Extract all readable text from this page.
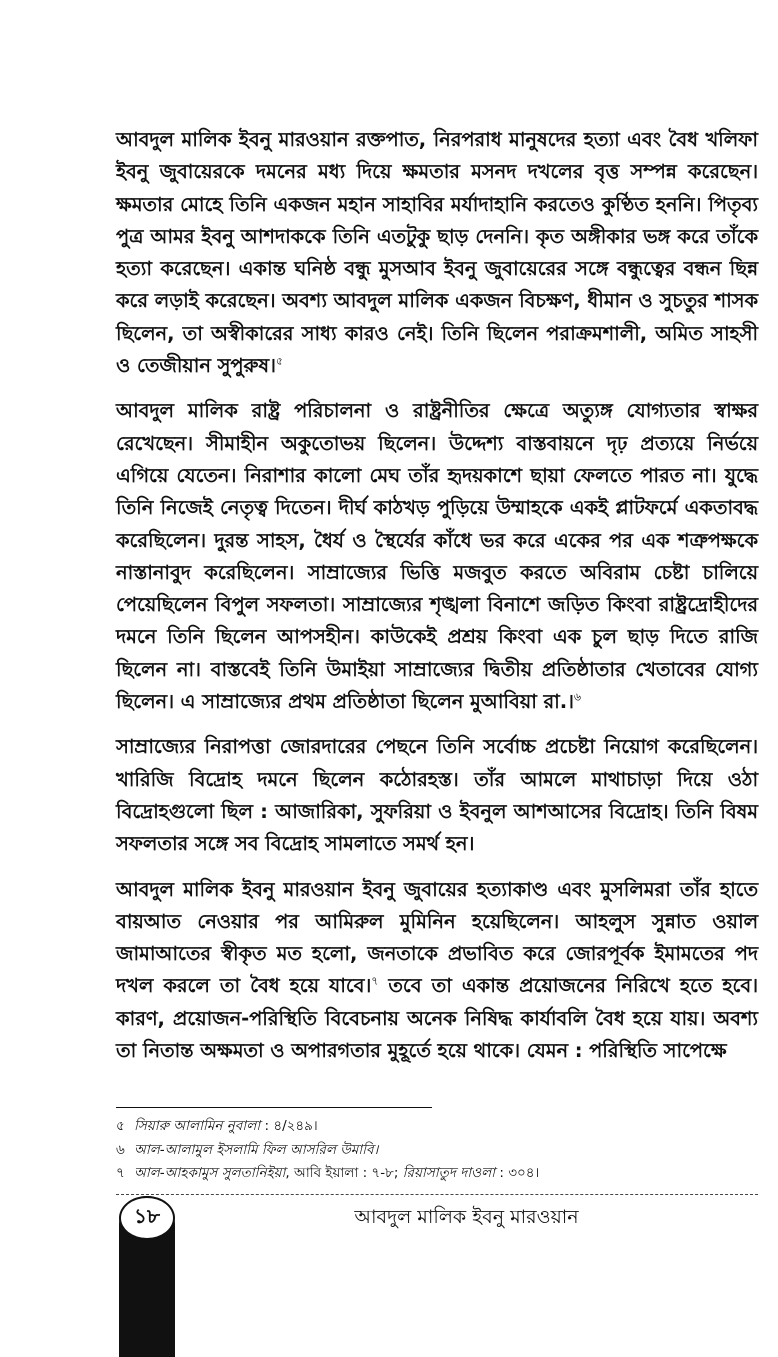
আবদুল মালিক ইবনু মারওয়ান রক্তপাত, নিরপরাধ মানুষদের হত্যা এবং বৈধ খলিফা ইবনু জুবায়েরকে দমনের মধ্য দিয়ে ক্ষমতার মসনদ দখলের বৃত্ত সম্পন্ন করেছেন। ক্ষমতার মোহে তিনি একজন মহান সাহাবির মর্যাদাহানি করতেও কুণ্ঠিত হননি। পিতৃব্য পুত্র আমর ইবনু আশদাককে তিনি এতটুকু ছাড় দেননি। কৃত অঙ্গীকার ভঙ্গ করে তাঁকে হত্যা করেছেন। একান্ত ঘনিষ্ঠ বন্ধু মুসআব ইবনু জুবায়েরের সঙ্গে বন্ধুত্বের বন্ধন ছিন্ন করে লড়াই করেছেন। অবশ্য আবদুল মালিক একজন বিচক্ষণ, ধীমান ও সুচতুর শাসক ছিলেন, তা অস্বীকারের সাধ্য কারও নেই। তিনি ছিলেন পরাক্রমশালী, অমিত সাহসী ও তেজীয়ান সুপুরুষ।$^৫$

আবদুল মালিক রাষ্ট্র পরিচালনা ও রাষ্ট্রনীতির ক্ষেত্রে অত্যুঙ্গ যোগ্যতার স্বাক্ষর রেখেছেন। সীমাহীন অকুতোভয় ছিলেন। উদ্দেশ্য বাস্তবায়নে দৃঢ় প্রত্যয়ে নির্ভয়ে এগিয়ে যেতেন। নিরাশার কালো মেঘ তাঁর হৃদয়কাশে ছায়া ফেলতে পারত না। যুদ্ধে তিনি নিজেই নেতৃত্ব দিতেন। দীর্ঘ কাঠখড় পুড়িয়ে উম্মাহকে একই প্লাটফর্মে একতাবদ্ধ করেছিলেন। দুরন্ত সাহস, ধৈর্য ও স্থৈর্যের কাঁধে ভর করে একের পর এক শত্রুপক্ষকে নাস্তানাবুদ করেছিলেন। সাম্রাজ্যের ভিত্তি মজবুত করতে অবিরাম চেষ্টা চালিয়ে পেয়েছিলেন বিপুল সফলতা। সাম্রাজ্যের শৃঙ্খলা বিনাশে জড়িত কিংবা রাষ্ট্রদ্রোহীদের দমনে তিনি ছিলেন আপসহীন। কাউকেই প্রশ্রয় কিংবা এক চুল ছাড় দিতে রাজি ছিলেন না। বাস্তবেই তিনি উমাইয়া সাম্রাজ্যের দ্বিতীয় প্রতিষ্ঠাতার খেতাবের যোগ্য ছিলেন। এ সাম্রাজ্যের প্রথম প্রতিষ্ঠাতা ছিলেন মুআবিয়া রা.।$^৬$

সাম্রাজ্যের নিরাপত্তা জোরদারের পেছনে তিনি সর্বোচ্চ প্রচেষ্টা নিয়োগ করেছিলেন। খারিজি বিদ্রোহ দমনে ছিলেন কঠোরহস্ত। তাঁর আমলে মাথাচাড়া দিয়ে ওঠা বিদ্রোহগুলো ছিল : আজারিকা, সুফরিয়া ও ইবনুল আশআসের বিদ্রোহ। তিনি বিষম সফলতার সঙ্গে সব বিদ্রোহ সামলাতে সমর্থ হন।

আবদুল মালিক ইবনু মারওয়ান ইবনু জুবায়ের হত্যাকাণ্ড এবং মুসলিমরা তাঁর হাতে বায়আত নেওয়ার পর আমিরুল মুমিনিন হয়েছিলেন। আহলুস সুন্নাত ওয়াল জামাআতের স্বীকৃত মত হলো, জনতাকে প্রভাবিত করে জোরপূর্বক ইমামতের পদ দখল করলে তা বৈধ হয়ে যাবে।$^৭$ তবে তা একান্ত প্রয়োজনের নিরিখে হতে হবে। কারণ, প্রয়োজন-পরিস্থিতি বিবেচনায় অনেক নিষিদ্ধ কার্যাবলি বৈধ হয়ে যায়। অবশ্য তা নিতান্ত অক্ষমতা ও অপারগতার মুহূর্তে হয়ে থাকে। যেমন : পরিস্থিতি সাপেক্ষে

৫ সিয়ারু আলামিন নুবালা : ৪/২৪৯।
৬ আল-আলামুল ইসলামি ফিল আসরিল উমাবি।
৭ আল-আহকামুস সুলতানিইয়া, আবি ইয়ালা : ৭-৮; রিয়াসাতুদ দাওলা : ৩০৪।
১৮	আবদুল মালিক ইবনু মারওয়ান
